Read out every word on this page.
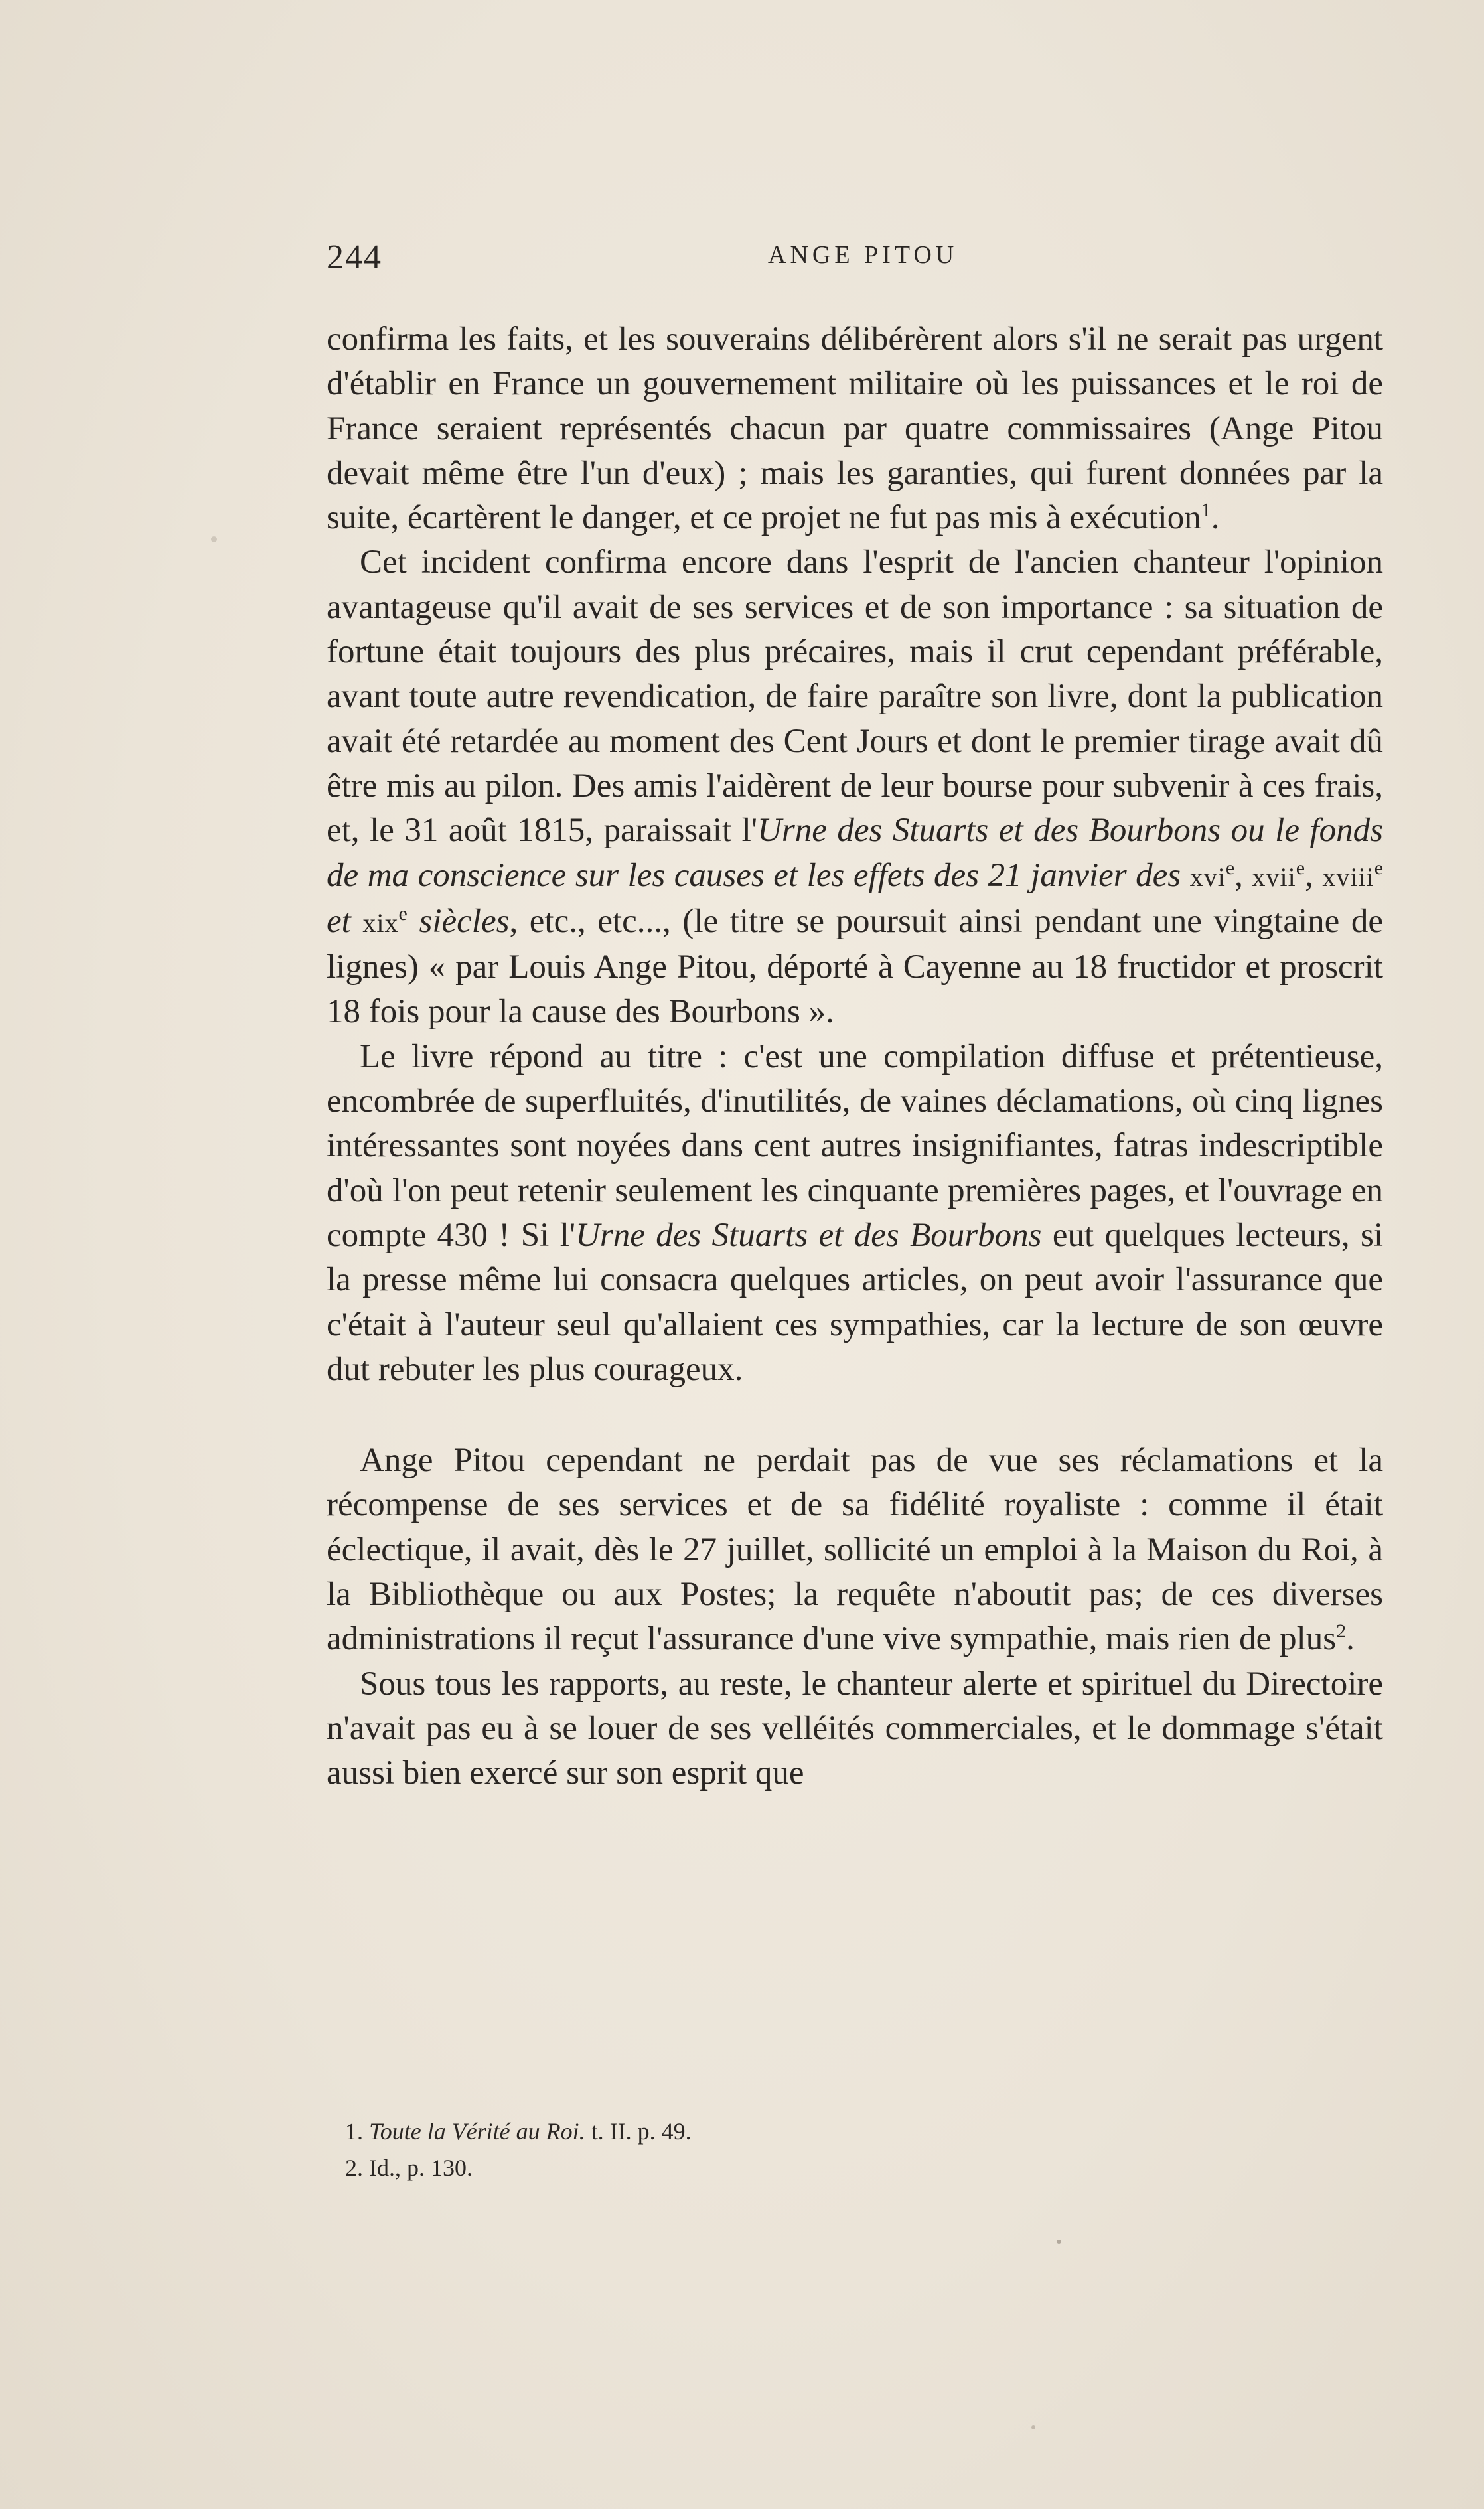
244	ANGE PITOU

confirma les faits, et les souverains délibérèrent alors s'il ne serait pas urgent d'établir en France un gouvernement militaire où les puissances et le roi de France seraient représentés chacun par quatre commissaires (Ange Pitou devait même être l'un d'eux) ; mais les garanties, qui furent données par la suite, écartèrent le danger, et ce projet ne fut pas mis à exécution$^1$.

Cet incident confirma encore dans l'esprit de l'ancien chanteur l'opinion avantageuse qu'il avait de ses services et de son importance : sa situation de fortune était toujours des plus précaires, mais il crut cependant préférable, avant toute autre revendication, de faire paraître son livre, dont la publication avait été retardée au moment des Cent Jours et dont le premier tirage avait dû être mis au pilon. Des amis l'aidèrent de leur bourse pour subvenir à ces frais, et, le 31 août 1815, paraissait l'Urne des Stuarts et des Bourbons ou le fonds de ma conscience sur les causes et les effets des 21 janvier des xvi$^e$, xvii$^e$, xviii$^e$ et xix$^e$ siècles, etc., etc..., (le titre se poursuit ainsi pendant une vingtaine de lignes) « par Louis Ange Pitou, déporté à Cayenne au 18 fructidor et proscrit 18 fois pour la cause des Bourbons ».

Le livre répond au titre : c'est une compilation diffuse et prétentieuse, encombrée de superfluités, d'inutilités, de vaines déclamations, où cinq lignes intéressantes sont noyées dans cent autres insignifiantes, fatras indescriptible d'où l'on peut retenir seulement les cinquante premières pages, et l'ouvrage en compte 430 ! Si l'Urne des Stuarts et des Bourbons eut quelques lecteurs, si la presse même lui consacra quelques articles, on peut avoir l'assurance que c'était à l'auteur seul qu'allaient ces sympathies, car la lecture de son œuvre dut rebuter les plus courageux.

Ange Pitou cependant ne perdait pas de vue ses réclamations et la récompense de ses services et de sa fidélité royaliste : comme il était éclectique, il avait, dès le 27 juillet, sollicité un emploi à la Maison du Roi, à la Bibliothèque ou aux Postes; la requête n'aboutit pas; de ces diverses administrations il reçut l'assurance d'une vive sympathie, mais rien de plus$^2$.

Sous tous les rapports, au reste, le chanteur alerte et spirituel du Directoire n'avait pas eu à se louer de ses velléités commerciales, et le dommage s'était aussi bien exercé sur son esprit que

1. Toute la Vérité au Roi. t. II. p. 49.

2. Id., p. 130.
